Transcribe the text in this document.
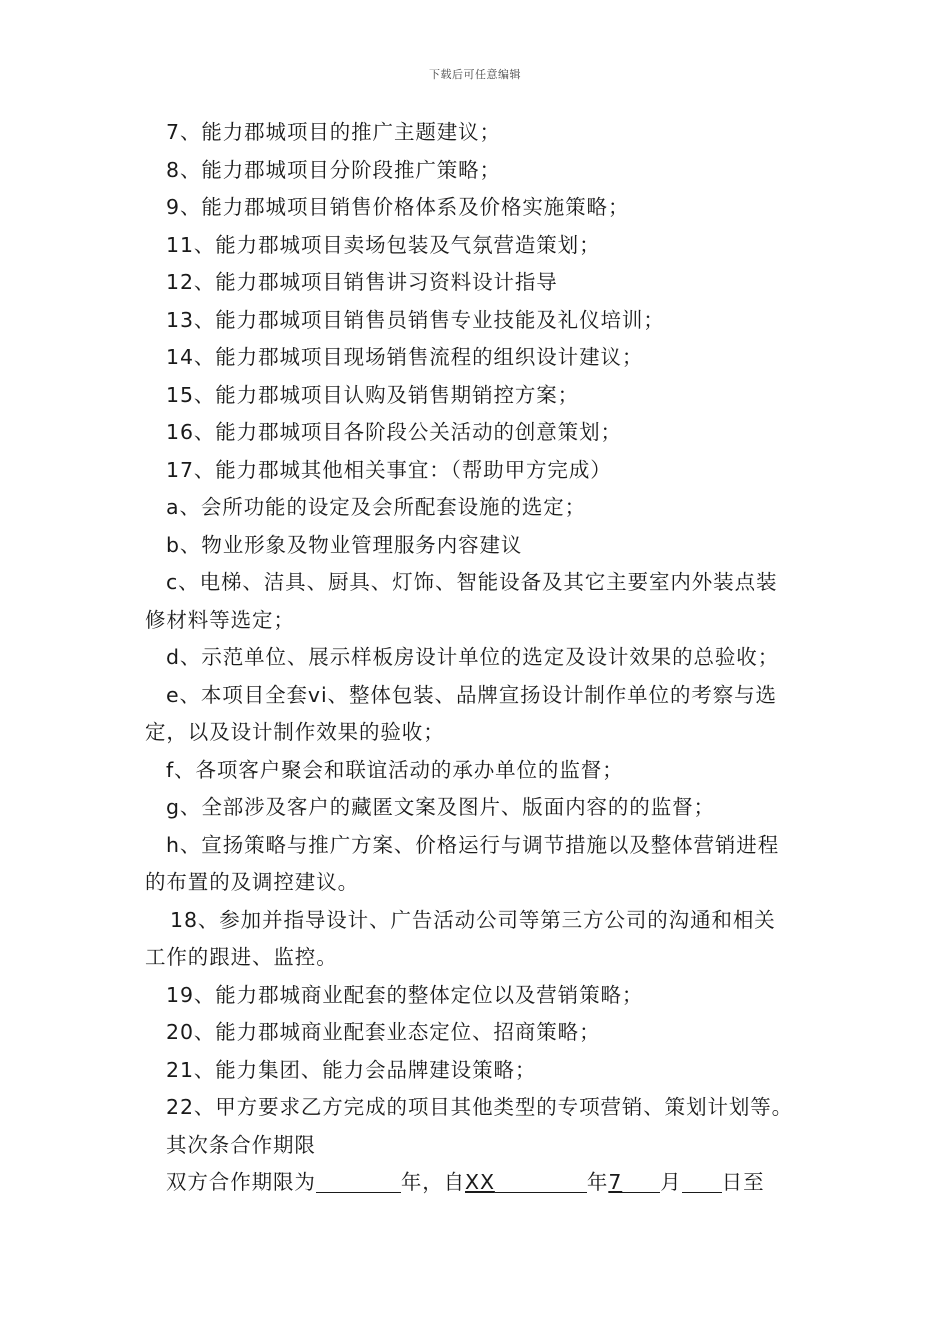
下载后可任意编辑
7、能力郡城项目的推广主题建议；
8、能力郡城项目分阶段推广策略；
9、能力郡城项目销售价格体系及价格实施策略；
11、能力郡城项目卖场包装及气氛营造策划；
12、能力郡城项目销售讲习资料设计指导
13、能力郡城项目销售员销售专业技能及礼仪培训；
14、能力郡城项目现场销售流程的组织设计建议；
15、能力郡城项目认购及销售期销控方案；
16、能力郡城项目各阶段公关活动的创意策划；
17、能力郡城其他相关事宜：（帮助甲方完成）
a、会所功能的设定及会所配套设施的选定；
b、物业形象及物业管理服务内容建议
c、电梯、洁具、厨具、灯饰、智能设备及其它主要室内外装点装
修材料等选定；
d、示范单位、展示样板房设计单位的选定及设计效果的总验收；
e、本项目全套vi、整体包装、品牌宣扬设计制作单位的考察与选
定，以及设计制作效果的验收；
f、各项客户聚会和联谊活动的承办单位的监督；
g、全部涉及客户的藏匿文案及图片、版面内容的的监督；
h、宣扬策略与推广方案、价格运行与调节措施以及整体营销进程
的布置的及调控建议。
18、参加并指导设计、广告活动公司等第三方公司的沟通和相关
工作的跟进、监控。
19、能力郡城商业配套的整体定位以及营销策略；
20、能力郡城商业配套业态定位、招商策略；
21、能力集团、能力会品牌建设策略；
22、甲方要求乙方完成的项目其他类型的专项营销、策划计划等。
其次条合作期限
双方合作期限为	年，自XX	年7 月 日至
